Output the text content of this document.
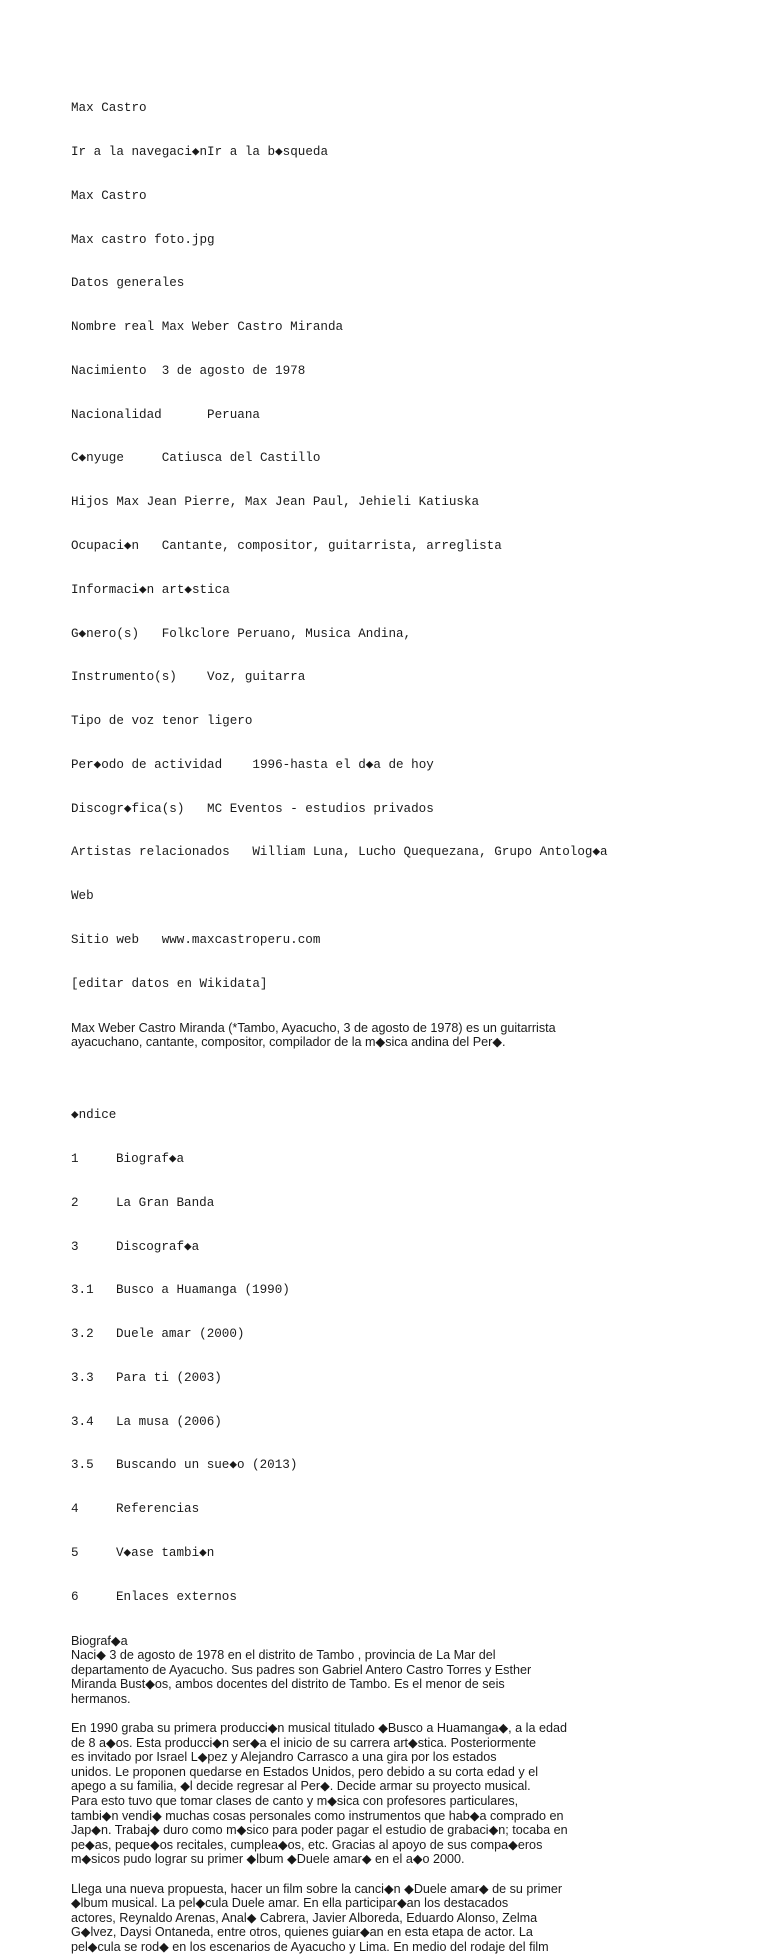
Max Castro

Ir a la navegaci◆nIr a la b◆squeda

Max Castro

Max castro foto.jpg

Datos generales

Nombre real Max Weber Castro Miranda

Nacimiento  3 de agosto de 1978

Nacionalidad      Peruana

C◆nyuge     Catiusca del Castillo

Hijos Max Jean Pierre, Max Jean Paul, Jehieli Katiuska

Ocupaci◆n   Cantante, compositor, guitarrista, arreglista

Informaci◆n art◆stica

G◆nero(s)   Folkclore Peruano, Musica Andina,

Instrumento(s)    Voz, guitarra

Tipo de voz tenor ligero

Per◆odo de actividad    1996-hasta el d◆a de hoy

Discogr◆fica(s)   MC Eventos - estudios privados

Artistas relacionados   William Luna, Lucho Quequezana, Grupo Antolog◆a

Web

Sitio web   www.maxcastroperu.com

[editar datos en Wikidata]

Max Weber Castro Miranda (*Tambo, Ayacucho, 3 de agosto de 1978) es un guitarrista
ayacuchano, cantante, compositor, compilador de la m◆sica andina del Per◆.

◆ndice

1	Biograf◆a

2	La Gran Banda

3	Discograf◆a

3.1 Busco a Huamanga (1990)

3.2 Duele amar (2000)

3.3 Para ti (2003)

3.4 La musa (2006)

3.5 Buscando un sue◆o (2013)

4	Referencias

5	V◆ase tambi◆n

6	Enlaces externos

Biograf◆a
Naci◆ 3 de agosto de 1978 en el distrito de Tambo , provincia de La Mar del
departamento de Ayacucho. Sus padres son Gabriel Antero Castro Torres y Esther
Miranda Bust◆os, ambos docentes del distrito de Tambo. Es el menor de seis
hermanos.
En 1990 graba su primera producci◆n musical titulado ◆Busco a Huamanga◆, a la edad
de 8 a◆os. Esta producci◆n ser◆a el inicio de su carrera art◆stica. Posteriormente
es invitado por Israel L◆pez y Alejandro Carrasco a una gira por los estados
unidos. Le proponen quedarse en Estados Unidos, pero debido a su corta edad y el
apego a su familia, ◆l decide regresar al Per◆. Decide armar su proyecto musical.
Para esto tuvo que tomar clases de canto y m◆sica con profesores particulares,
tambi◆n vendi◆ muchas cosas personales como instrumentos que hab◆a comprado en
Jap◆n. Trabaj◆ duro como m◆sico para poder pagar el estudio de grabaci◆n; tocaba en
pe◆as, peque◆os recitales, cumplea◆os, etc. Gracias al apoyo de sus compa◆eros
m◆sicos pudo lograr su primer ◆lbum ◆Duele amar◆ en el a◆o 2000.
Llega una nueva propuesta, hacer un film sobre la canci◆n ◆Duele amar◆ de su primer
◆lbum musical. La pel◆cula Duele amar. En ella participar◆an los destacados
actores, Reynaldo Arenas, Anal◆ Cabrera, Javier Alboreda, Eduardo Alonso, Zelma
G◆lvez, Daysi Ontaneda, entre otros, quienes guiar◆an en esta etapa de actor. La
pel◆cula se rod◆ en los escenarios de Ayacucho y Lima. En medio del rodaje del film
